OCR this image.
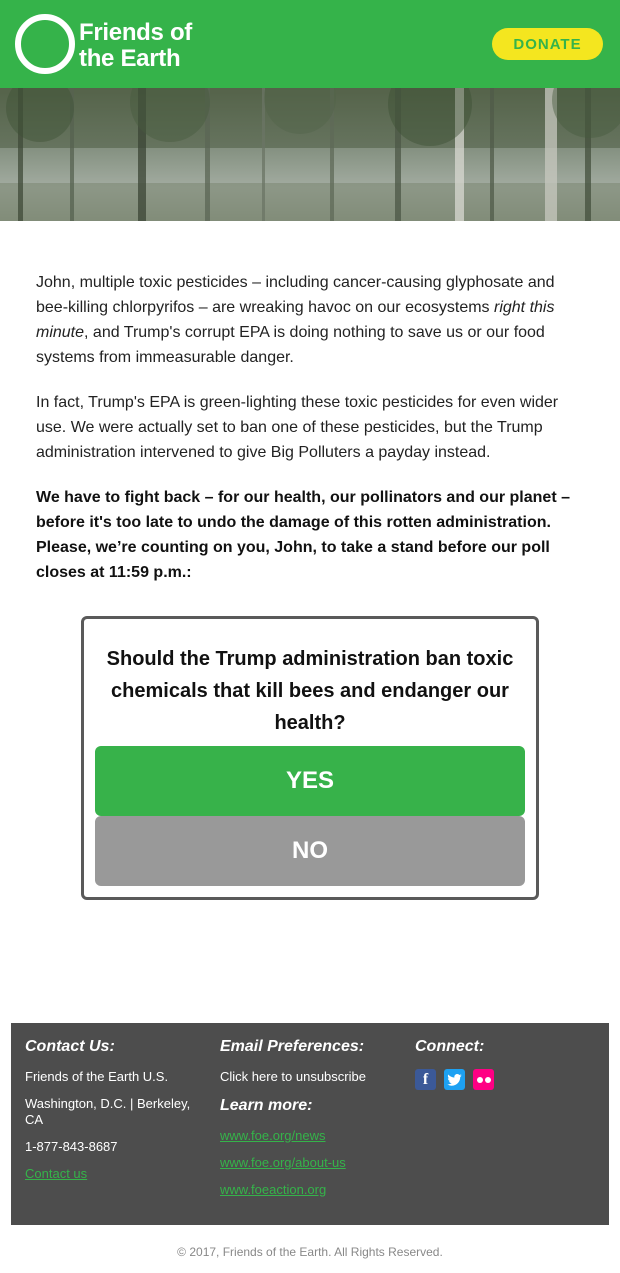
Friends of
the Earth
DONATE

John, multiple toxic pesticides – including cancer-causing glyphosate and bee-killing chlorpyrifos – are wreaking havoc on our ecosystems right this minute, and Trump's corrupt EPA is doing nothing to save us or our food systems from immeasurable danger.

In fact, Trump's EPA is green-lighting these toxic pesticides for even wider use. We were actually set to ban one of these pesticides, but the Trump administration intervened to give Big Polluters a payday instead.

We have to fight back – for our health, our pollinators and our planet – before it's too late to undo the damage of this rotten administration. Please, we’re counting on you, John, to take a stand before our poll closes at 11:59 p.m.:

Should the Trump administration ban toxic chemicals that kill bees and endanger our health?
YES
NO
Contact Us:
Friends of the Earth U.S.
Washington, D.C. | Berkeley, CA
1-877-843-8687
Contact us
Email Preferences:
Click here to unsubscribe
Learn more:
www.foe.org/news
www.foe.org/about-us
www.foeaction.org
Connect:
f
© 2017, Friends of the Earth. All Rights Reserved.
